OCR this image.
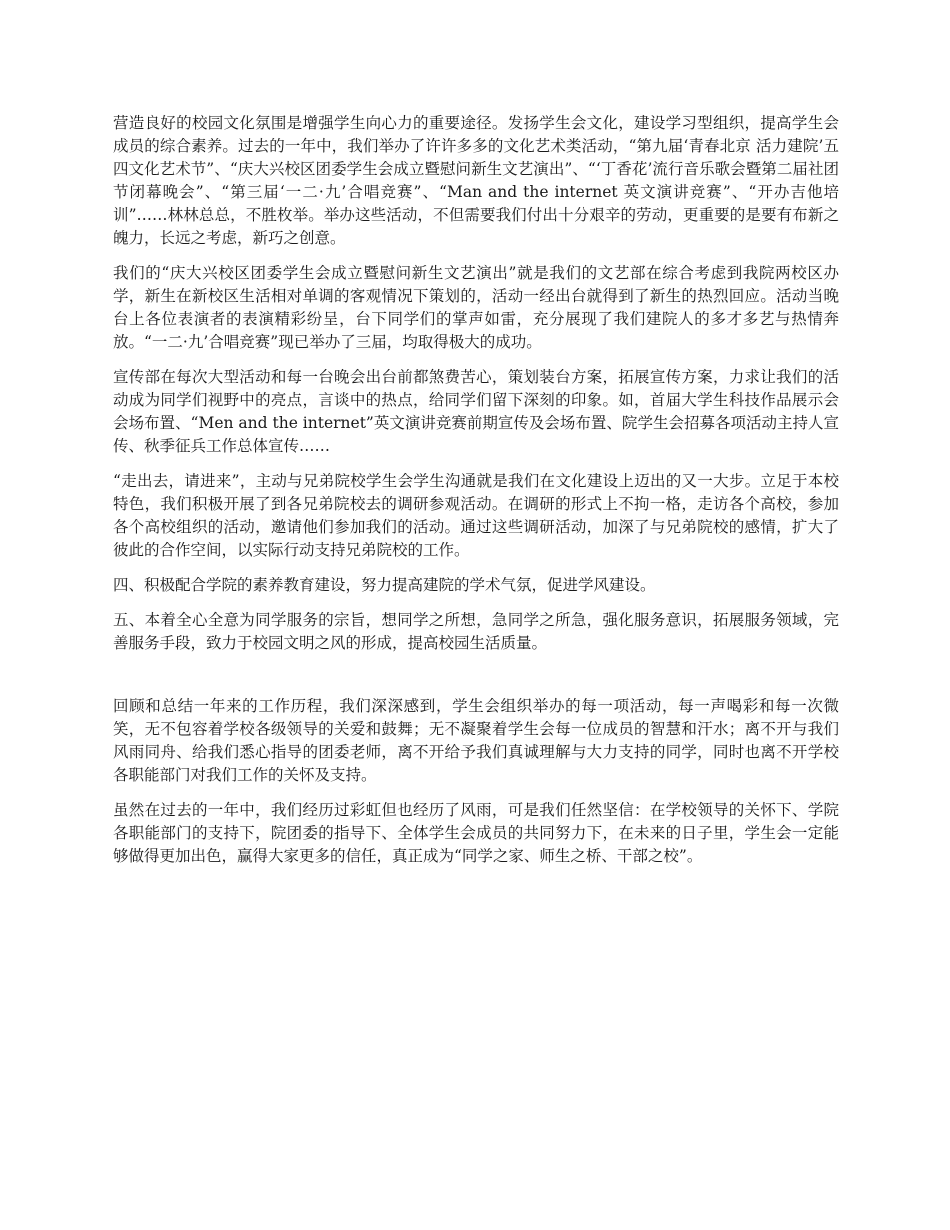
营造良好的校园文化氛围是增强学生向心力的重要途径。发扬学生会文化，建设学习型组织，提高学生会成员的综合素养。过去的一年中，我们举办了许许多多的文化艺术类活动，“第九届‘青春北京 活力建院’五四文化艺术节”、“庆大兴校区团委学生会成立暨慰问新生文艺演出”、“‘丁香花’流行音乐歌会暨第二届社团节闭幕晚会”、“第三届‘一二·九’合唱竞赛”、“Man and the internet 英文演讲竞赛”、“开办吉他培训”……林林总总，不胜枚举。举办这些活动，不但需要我们付出十分艰辛的劳动，更重要的是要有布新之魄力，长远之考虑，新巧之创意。

我们的“庆大兴校区团委学生会成立暨慰问新生文艺演出”就是我们的文艺部在综合考虑到我院两校区办学，新生在新校区生活相对单调的客观情况下策划的，活动一经出台就得到了新生的热烈回应。活动当晚台上各位表演者的表演精彩纷呈，台下同学们的掌声如雷，充分展现了我们建院人的多才多艺与热情奔放。“一二·九’合唱竞赛”现已举办了三届，均取得极大的成功。

宣传部在每次大型活动和每一台晚会出台前都煞费苦心，策划装台方案，拓展宣传方案，力求让我们的活动成为同学们视野中的亮点，言谈中的热点，给同学们留下深刻的印象。如，首届大学生科技作品展示会会场布置、“Men and the internet”英文演讲竞赛前期宣传及会场布置、院学生会招募各项活动主持人宣传、秋季征兵工作总体宣传……

“走出去，请进来”，主动与兄弟院校学生会学生沟通就是我们在文化建设上迈出的又一大步。立足于本校特色，我们积极开展了到各兄弟院校去的调研参观活动。在调研的形式上不拘一格，走访各个高校，参加各个高校组织的活动，邀请他们参加我们的活动。通过这些调研活动，加深了与兄弟院校的感情，扩大了彼此的合作空间，以实际行动支持兄弟院校的工作。

四、积极配合学院的素养教育建设，努力提高建院的学术气氛，促进学风建设。

五、本着全心全意为同学服务的宗旨，想同学之所想，急同学之所急，强化服务意识，拓展服务领域，完善服务手段，致力于校园文明之风的形成，提高校园生活质量。

回顾和总结一年来的工作历程，我们深深感到，学生会组织举办的每一项活动，每一声喝彩和每一次微笑，无不包容着学校各级领导的关爱和鼓舞；无不凝聚着学生会每一位成员的智慧和汗水；离不开与我们风雨同舟、给我们悉心指导的团委老师，离不开给予我们真诚理解与大力支持的同学，同时也离不开学校各职能部门对我们工作的关怀及支持。

虽然在过去的一年中，我们经历过彩虹但也经历了风雨，可是我们任然坚信：在学校领导的关怀下、学院各职能部门的支持下，院团委的指导下、全体学生会成员的共同努力下，在未来的日子里，学生会一定能够做得更加出色，赢得大家更多的信任，真正成为“同学之家、师生之桥、干部之校”。
